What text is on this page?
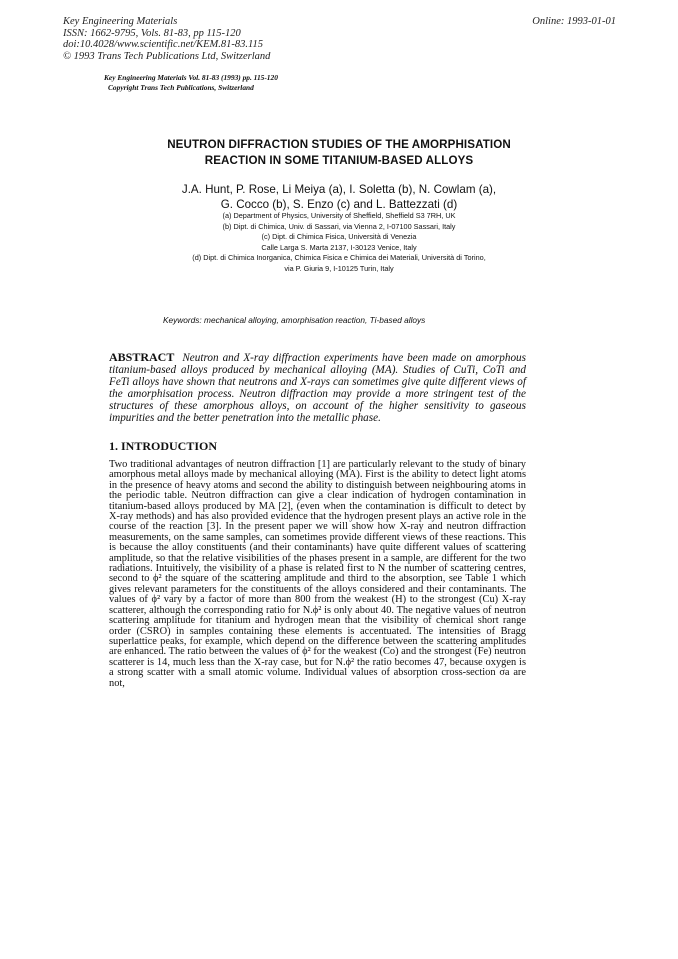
Key Engineering Materials
ISSN: 1662-9795, Vols. 81-83, pp 115-120
doi:10.4028/www.scientific.net/KEM.81-83.115
© 1993 Trans Tech Publications Ltd, Switzerland
Online: 1993-01-01
Key Engineering Materials Vol. 81-83 (1993) pp. 115-120
Copyright Trans Tech Publications, Switzerland
NEUTRON DIFFRACTION STUDIES OF THE AMORPHISATION
REACTION IN SOME TITANIUM-BASED ALLOYS
J.A. Hunt, P. Rose, Li Meiya (a), I. Soletta (b), N. Cowlam (a),
G. Cocco (b), S. Enzo (c) and L. Battezzati (d)
(a) Department of Physics, University of Sheffield, Sheffield S3 7RH, UK
(b) Dipt. di Chimica, Univ. di Sassari, via Vienna 2, I-07100 Sassari, Italy
(c) Dipt. di Chimica Fisica, Università di Venezia
Calle Larga S. Marta 2137, I-30123 Venice, Italy
(d) Dipt. di Chimica Inorganica, Chimica Fisica e Chimica dei Materiali, Università di Torino,
via P. Giuria 9, I-10125 Turin, Italy
Keywords: mechanical alloying, amorphisation reaction, Ti-based alloys
ABSTRACT Neutron and X-ray diffraction experiments have been made on amorphous titanium-based alloys produced by mechanical alloying (MA). Studies of CuTi, CoTi and FeTi alloys have shown that neutrons and X-rays can sometimes give quite different views of the amorphisation process. Neutron diffraction may provide a more stringent test of the structures of these amorphous alloys, on account of the higher sensitivity to gaseous impurities and the better penetration into the metallic phase.
1. INTRODUCTION

Two traditional advantages of neutron diffraction [1] are particularly relevant to the study of binary amorphous metal alloys made by mechanical alloying (MA). First is the ability to detect light atoms in the presence of heavy atoms and second the ability to distinguish between neighbouring atoms in the periodic table. Neutron diffraction can give a clear indication of hydrogen contamination in titanium-based alloys produced by MA [2], (even when the contamination is difficult to detect by X-ray methods) and has also provided evidence that the hydrogen present plays an active role in the course of the reaction [3]. In the present paper we will show how X-ray and neutron diffraction measurements, on the same samples, can sometimes provide different views of these reactions. This is because the alloy constituents (and their contaminants) have quite different values of scattering amplitude, so that the relative visibilities of the phases present in a sample, are different for the two radiations. Intuitively, the visibility of a phase is related first to N the number of scattering centres, second to ϕ² the square of the scattering amplitude and third to the absorption, see Table 1 which gives relevant parameters for the constituents of the alloys considered and their contaminants. The values of ϕ² vary by a factor of more than 800 from the weakest (H) to the strongest (Cu) X-ray scatterer, although the corresponding ratio for N.ϕ² is only about 40. The negative values of neutron scattering amplitude for titanium and hydrogen mean that the visibility of chemical short range order (CSRO) in samples containing these elements is accentuated. The intensities of Bragg superlattice peaks, for example, which depend on the difference between the scattering amplitudes are enhanced. The ratio between the values of ϕ² for the weakest (Co) and the strongest (Fe) neutron scatterer is 14, much less than the X-ray case, but for N.ϕ² the ratio becomes 47, because oxygen is a strong scatter with a small atomic volume. Individual values of absorption cross-section σa are not,
